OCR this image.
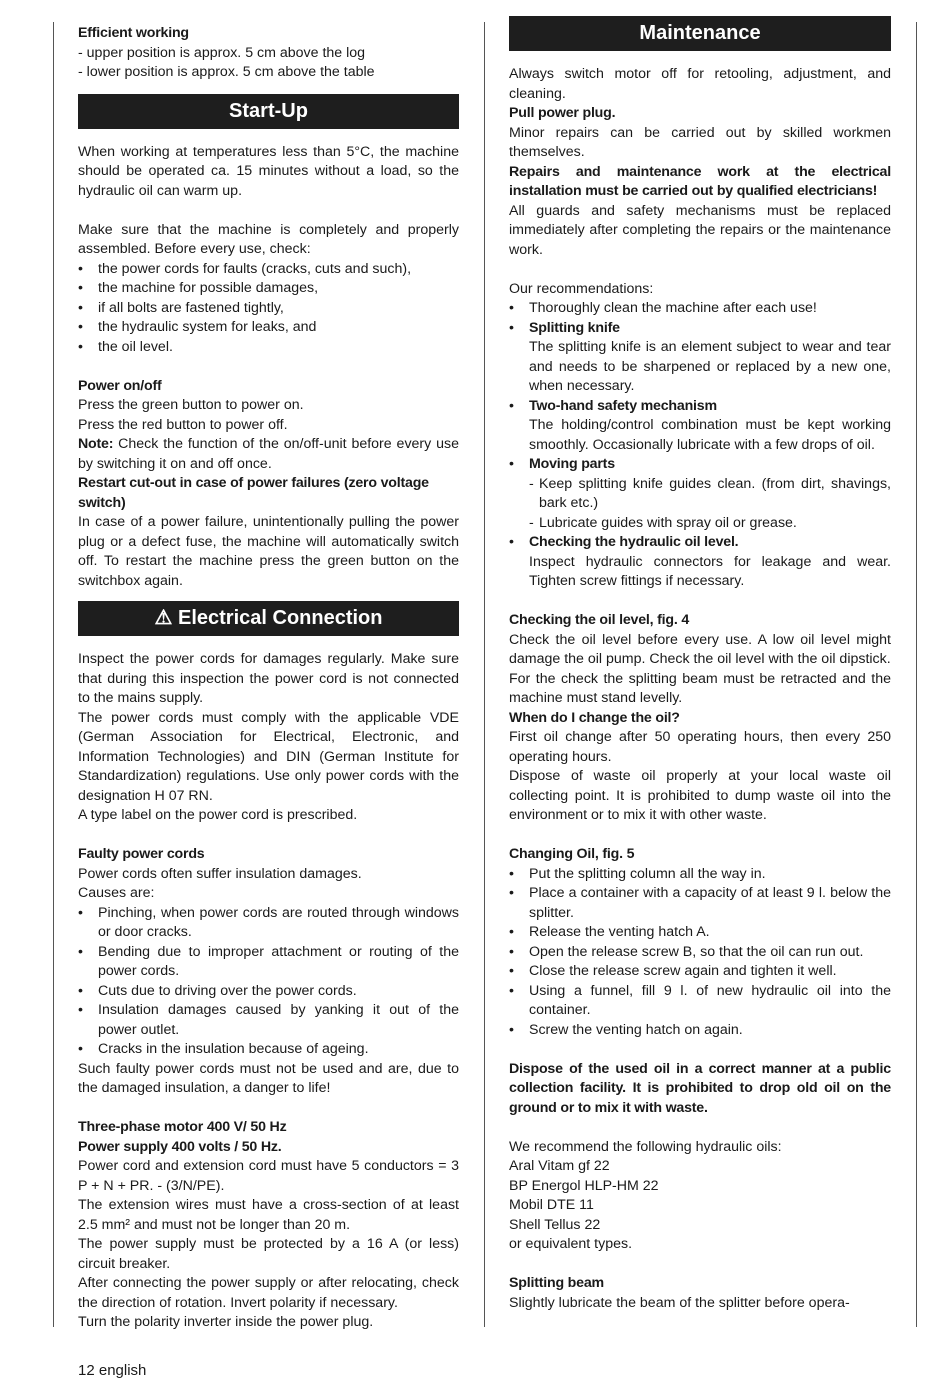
Efficient working
- upper position is approx. 5 cm above the log
- lower position is approx. 5 cm above the table
Start-Up

When working at temperatures less than 5°C, the machine should be operated ca. 15 minutes without a load, so the hydraulic oil can warm up.

Make sure that the machine is completely and properly assembled. Before every use, check:

• the power cords for faults (cracks, cuts and such),
• the machine for possible damages,
• if all bolts are fastened tightly,
• the hydraulic system for leaks, and
• the oil level.
Power on/off
Press the green button to power on.
Press the red button to power off.

Note: Check the function of the on/off-unit before every use by switching it on and off once.

Restart cut-out in case of power failures (zero voltage switch)

In case of a power failure, unintentionally pulling the power plug or a defect fuse, the machine will automatically switch off. To restart the machine press the green button on the switchbox again.

⚠ Electrical Connection

Inspect the power cords for damages regularly. Make sure that during this inspection the power cord is not connected to the mains supply.

The power cords must comply with the applicable VDE (German Association for Electrical, Electronic, and Information Technologies) and DIN (German Institute for Standardization) regulations. Use only power cords with the designation H 07 RN.

A type label on the power cord is prescribed.

Faulty power cords
Power cords often suffer insulation damages.
Causes are:
• Pinching, when power cords are routed through windows or door cracks.
• Bending due to improper attachment or routing of the power cords.
• Cuts due to driving over the power cords.
• Insulation damages caused by yanking it out of the power outlet.
• Cracks in the insulation because of ageing.

Such faulty power cords must not be used and are, due to the damaged insulation, a danger to life!

Three-phase motor 400 V/ 50 Hz
Power supply 400 volts / 50 Hz.

Power cord and extension cord must have 5 conductors = 3 P + N + PR. - (3/N/PE).

The extension wires must have a cross-section of at least 2.5 mm² and must not be longer than 20 m.

The power supply must be protected by a 16 A (or less) circuit breaker.

After connecting the power supply or after relocating, check the direction of rotation. Invert polarity if necessary.

Turn the polarity inverter inside the power plug.

Maintenance

Always switch motor off for retooling, adjustment, and cleaning.

Pull power plug.

Minor repairs can be carried out by skilled workmen themselves.

Repairs and maintenance work at the electrical installation must be carried out by qualified electricians!

All guards and safety mechanisms must be replaced immediately after completing the repairs or the maintenance work.

Our recommendations:
• Thoroughly clean the machine after each use!
• Splitting knife
The splitting knife is an element subject to wear and tear and needs to be sharpened or replaced by a new one, when necessary.
• Two-hand safety mechanism
The holding/control combination must be kept working smoothly. Occasionally lubricate with a few drops of oil.
• Moving parts
- Keep splitting knife guides clean. (from dirt, shavings, bark etc.)
- Lubricate guides with spray oil or grease.
• Checking the hydraulic oil level.
Inspect hydraulic connectors for leakage and wear. Tighten screw fittings if necessary.
Checking the oil level, fig. 4

Check the oil level before every use. A low oil level might damage the oil pump. Check the oil level with the oil dipstick.

For the check the splitting beam must be retracted and the machine must stand levelly.

When do I change the oil?

First oil change after 50 operating hours, then every 250 operating hours.

Dispose of waste oil properly at your local waste oil collecting point. It is prohibited to dump waste oil into the environment or to mix it with other waste.

Changing Oil, fig. 5
• Put the splitting column all the way in.
• Place a container with a capacity of at least 9 l. below the splitter.
• Release the venting hatch A.
• Open the release screw B, so that the oil can run out.
• Close the release screw again and tighten it well.
• Using a funnel, fill 9 l. of new hydraulic oil into the container.
• Screw the venting hatch on again.

Dispose of the used oil in a correct manner at a public collection facility. It is prohibited to drop old oil on the ground or to mix it with waste.

We recommend the following hydraulic oils:
Aral Vitam gf 22
BP Energol HLP-HM 22
Mobil DTE 11
Shell Tellus 22
or equivalent types.
Splitting beam
Slightly lubricate the beam of the splitter before opera-
12 english
